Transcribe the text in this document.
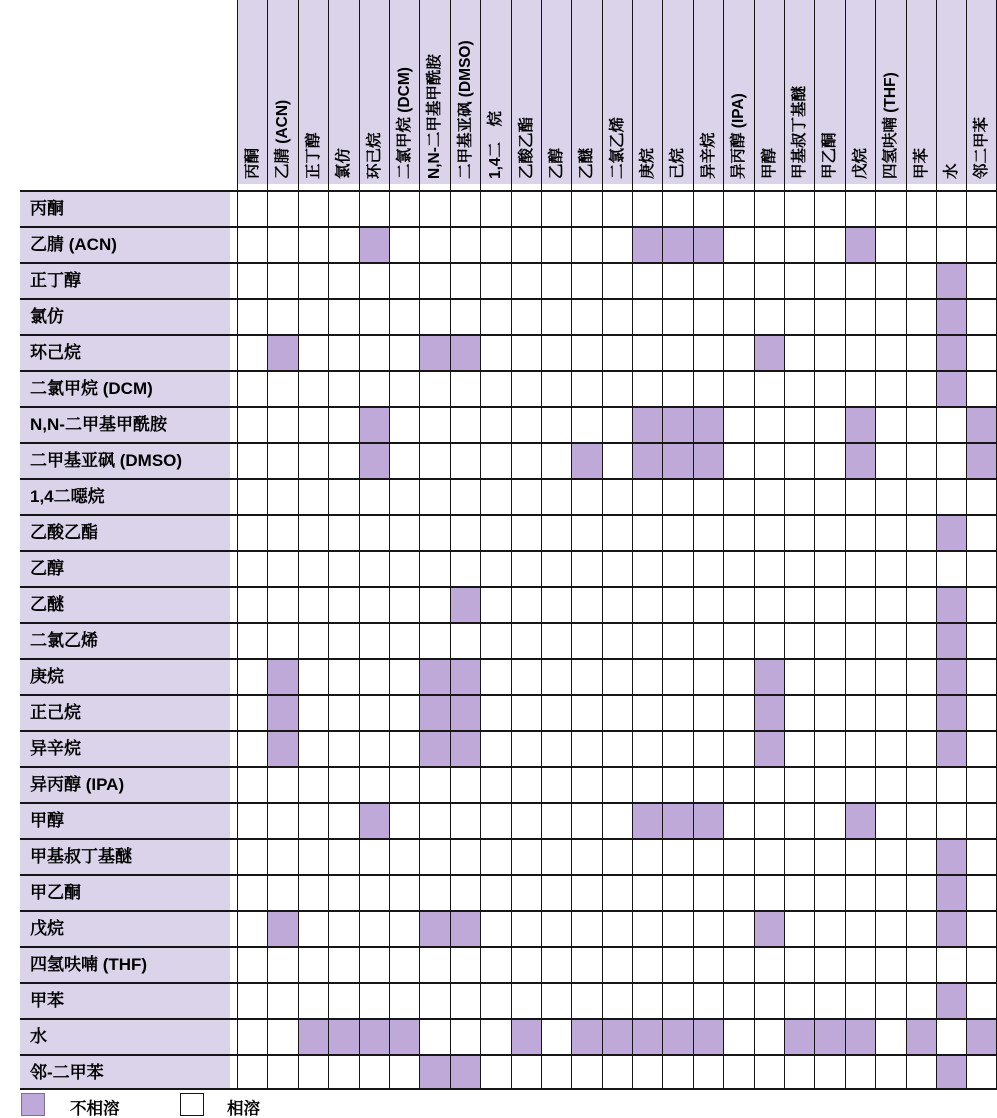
丙酮 乙腈 (ACN) 正丁醇 氯仿 环己烷 二氯甲烷 (DCM) N,N-二甲基甲酰胺 二甲基亚砜 (DMSO) 1,4二　烷 乙酸乙酯 乙醇 乙醚 二氯乙烯 庚烷 己烷 异辛烷 异丙醇 (IPA) 甲醇 甲基叔丁基醚 甲乙酮 戊烷 四氢呋喃 (THF) 甲苯 水 邻二甲苯
丙酮
乙腈 (ACN)
正丁醇
氯仿
环己烷
二氯甲烷 (DCM)
N,N-二甲基甲酰胺
二甲基亚砜 (DMSO)
1,4二噁烷
乙酸乙酯
乙醇
乙醚
二氯乙烯
庚烷
正己烷
异辛烷
异丙醇 (IPA)
甲醇
甲基叔丁基醚
甲乙酮
戊烷
四氢呋喃 (THF)
甲苯
水
邻-二甲苯
不相溶	相溶
